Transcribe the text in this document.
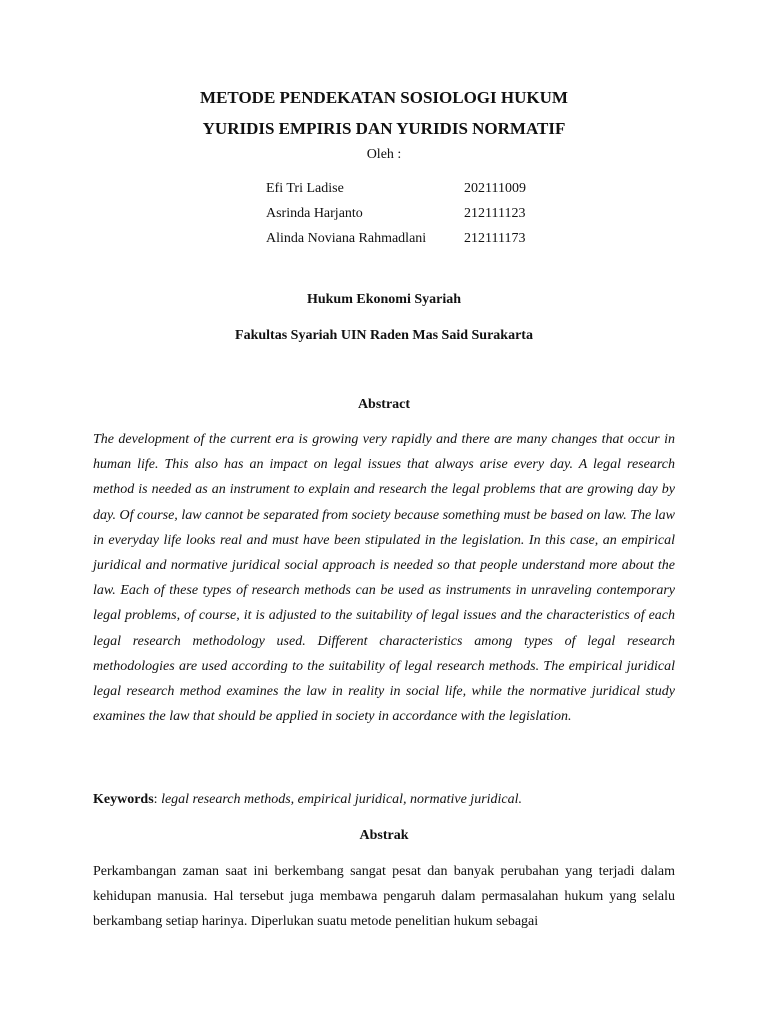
METODE PENDEKATAN SOSIOLOGI HUKUM
YURIDIS EMPIRIS DAN YURIDIS NORMATIF
Oleh :
Efi Tri Ladise	202111009
Asrinda Harjanto	212111123
Alinda Noviana Rahmadlani	212111173
Hukum Ekonomi Syariah
Fakultas Syariah UIN Raden Mas Said Surakarta
Abstract

The development of the current era is growing very rapidly and there are many changes that occur in human life. This also has an impact on legal issues that always arise every day. A legal research method is needed as an instrument to explain and research the legal problems that are growing day by day. Of course, law cannot be separated from society because something must be based on law. The law in everyday life looks real and must have been stipulated in the legislation. In this case, an empirical juridical and normative juridical social approach is needed so that people understand more about the law. Each of these types of research methods can be used as instruments in unraveling contemporary legal problems, of course, it is adjusted to the suitability of legal issues and the characteristics of each legal research methodology used. Different characteristics among types of legal research methodologies are used according to the suitability of legal research methods. The empirical juridical legal research method examines the law in reality in social life, while the normative juridical study examines the law that should be applied in society in accordance with the legislation.

Keywords: legal research methods, empirical juridical, normative juridical.

Abstrak

Perkambangan zaman saat ini berkembang sangat pesat dan banyak perubahan yang terjadi dalam kehidupan manusia. Hal tersebut juga membawa pengaruh dalam permasalahan hukum yang selalu berkambang setiap harinya. Diperlukan suatu metode penelitian hukum sebagai
